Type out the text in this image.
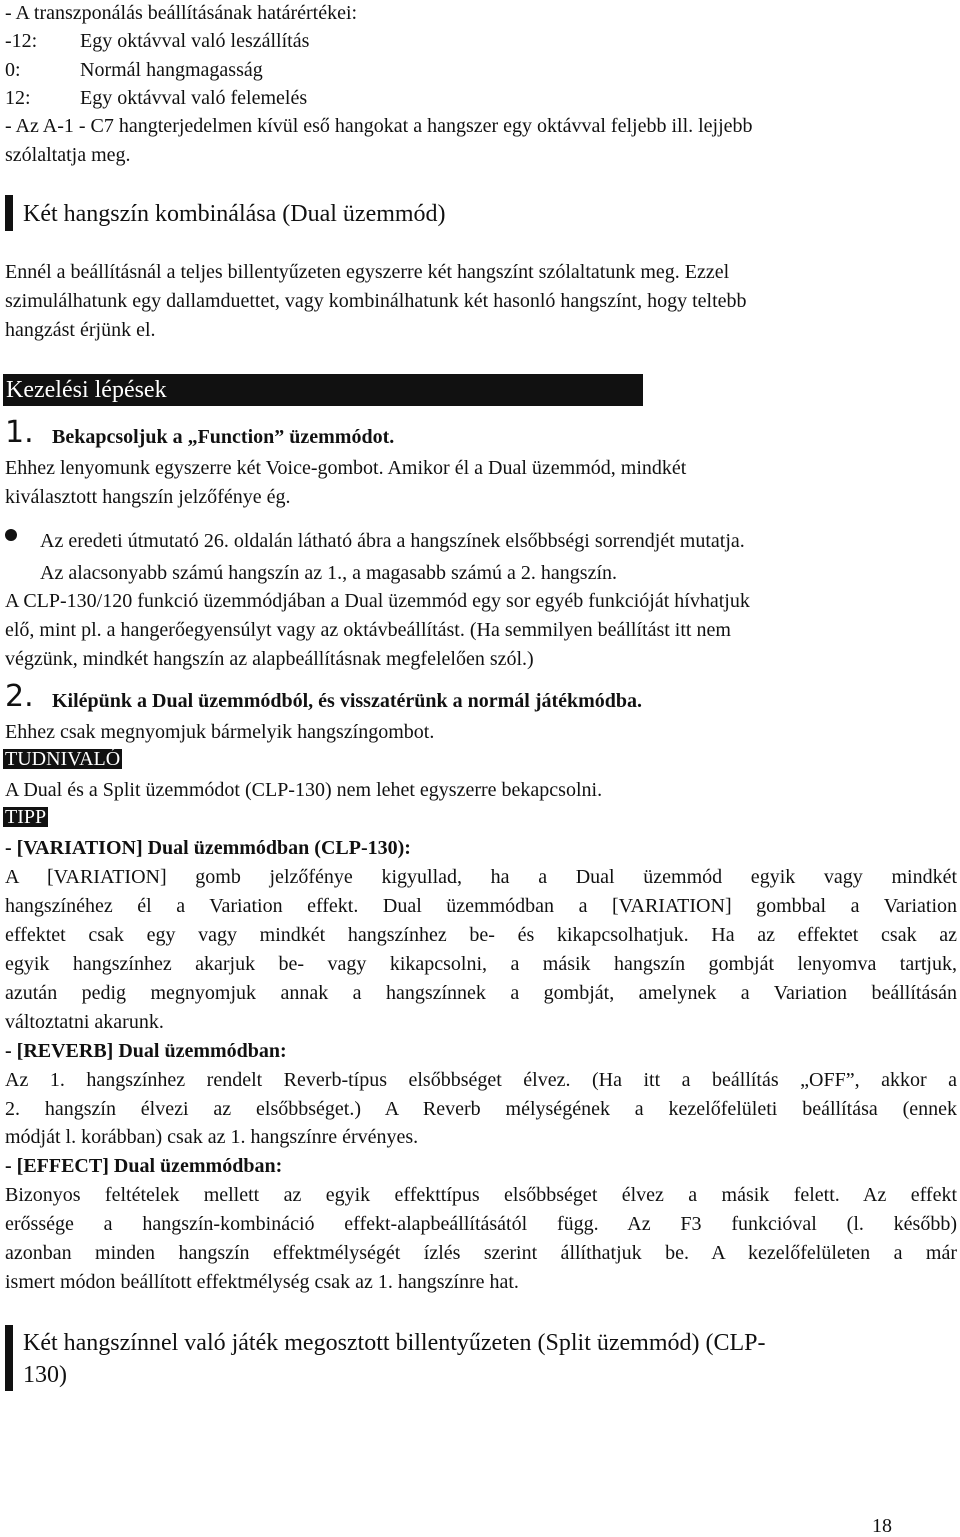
- A transzponálás beállításának határértékei:
-12: Egy oktávval való leszállítás
0:	Normál hangmagasság
12: Egy oktávval való felemelés
- Az A-1 - C7 hangterjedelmen kívül eső hangokat a hangszer egy oktávval feljebb ill. lejjebb
szólaltatja meg.
Két hangszín kombinálása (Dual üzemmód)
Ennél a beállításnál a teljes billentyűzeten egyszerre két hangszínt szólaltatunk meg. Ezzel
szimulálhatunk egy dallamduettet, vagy kombinálhatunk két hasonló hangszínt, hogy teltebb
hangzást érjünk el.
Kezelési lépések
1. Bekapcsoljuk a „Function” üzemmódot.
Ehhez lenyomunk egyszerre két Voice-gombot. Amikor él a Dual üzemmód, mindkét
kiválasztott hangszín jelzőfénye ég.
Az eredeti útmutató 26. oldalán látható ábra a hangszínek elsőbbségi sorrendjét mutatja.
Az alacsonyabb számú hangszín az 1., a magasabb számú a 2. hangszín.
A CLP-130/120 funkció üzemmódjában a Dual üzemmód egy sor egyéb funkcióját hívhatjuk
elő, mint pl. a hangerőegyensúlyt vagy az oktávbeállítást. (Ha semmilyen beállítást itt nem
végzünk, mindkét hangszín az alapbeállításnak megfelelően szól.)
2. Kilépünk a Dual üzemmódból, és visszatérünk a normál játékmódba.
Ehhez csak megnyomjuk bármelyik hangszíngombot.
TUDNIVALÓ
A Dual és a Split üzemmódot (CLP-130) nem lehet egyszerre bekapcsolni.
TIPP
- [VARIATION] Dual üzemmódban (CLP-130):
A [VARIATION] gomb jelzőfénye kigyullad, ha a Dual üzemmód egyik vagy mindkét
hangszínéhez él a Variation effekt. Dual üzemmódban a [VARIATION] gombbal a Variation
effektet csak egy vagy mindkét hangszínhez be- és kikapcsolhatjuk. Ha az effektet csak az
egyik hangszínhez akarjuk be- vagy kikapcsolni, a másik hangszín gombját lenyomva tartjuk,
azután pedig megnyomjuk annak a hangszínnek a gombját, amelynek a Variation beállításán
változtatni akarunk.
- [REVERB] Dual üzemmódban:
Az 1. hangszínhez rendelt Reverb-típus elsőbbséget élvez. (Ha itt a beállítás „OFF”, akkor a
2. hangszín élvezi az elsőbbséget.) A Reverb mélységének a kezelőfelületi beállítása (ennek
módját l. korábban) csak az 1. hangszínre érvényes.
- [EFFECT] Dual üzemmódban:
Bizonyos feltételek mellett az egyik effekttípus elsőbbséget élvez a másik felett. Az effekt
erőssége a hangszín-kombináció effekt-alapbeállításától függ. Az F3 funkcióval (l. később)
azonban minden hangszín effektmélységét ízlés szerint állíthatjuk be. A kezelőfelületen a már
ismert módon beállított effektmélység csak az 1. hangszínre hat.
Két hangszínnel való játék megosztott billentyűzeten (Split üzemmód) (CLP-
130)
18
